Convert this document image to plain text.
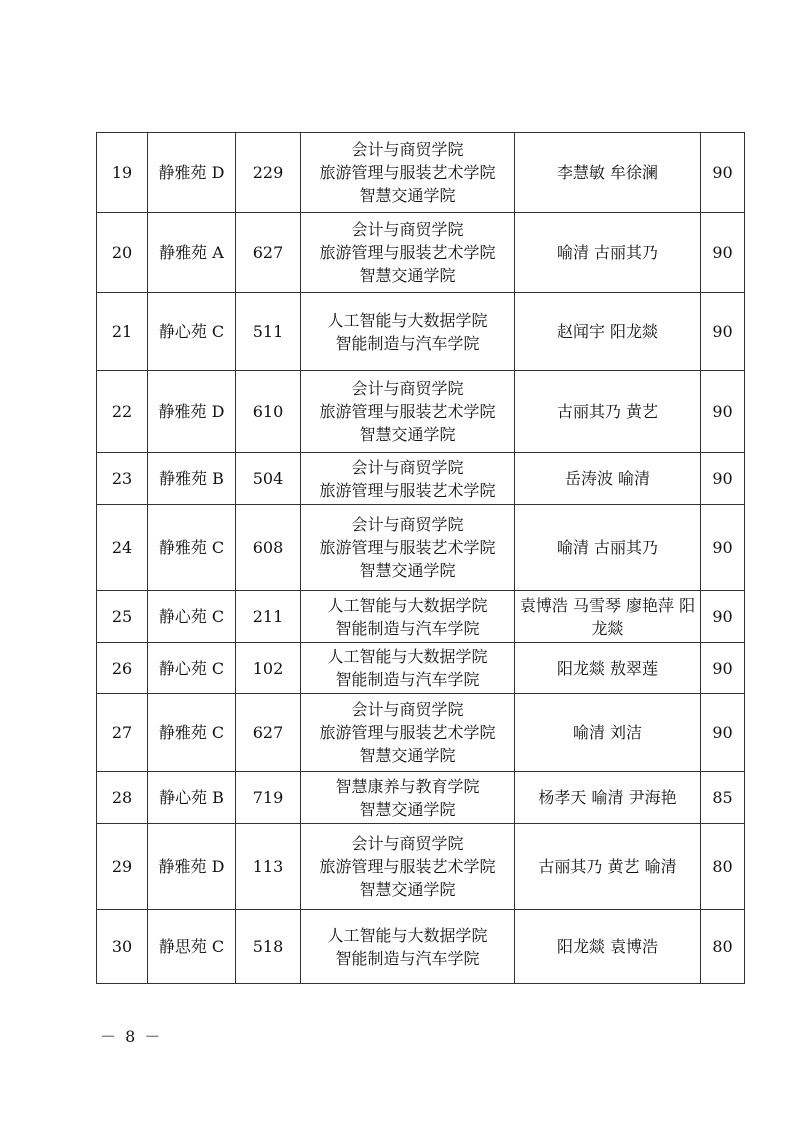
19	静雅苑 D	229	会计与商贸学院
旅游管理与服装艺术学院
智慧交通学院	李慧敏 牟徐澜	90
20	静雅苑 A	627	会计与商贸学院
旅游管理与服装艺术学院
智慧交通学院	喻清 古丽其乃	90
21	静心苑 C	511	人工智能与大数据学院
智能制造与汽车学院	赵闻宇 阳龙燚	90
22	静雅苑 D	610	会计与商贸学院
旅游管理与服装艺术学院
智慧交通学院	古丽其乃 黄艺	90
23	静雅苑 B	504	会计与商贸学院
旅游管理与服装艺术学院	岳涛波 喻清	90
24	静雅苑 C	608	会计与商贸学院
旅游管理与服装艺术学院
智慧交通学院	喻清 古丽其乃	90
25	静心苑 C	211	人工智能与大数据学院
智能制造与汽车学院	袁博浩 马雪琴 廖艳萍 阳龙燚	90
26	静心苑 C	102	人工智能与大数据学院
智能制造与汽车学院	阳龙燚 敖翠莲	90
27	静雅苑 C	627	会计与商贸学院
旅游管理与服装艺术学院
智慧交通学院	喻清 刘洁	90
28	静心苑 B	719	智慧康养与教育学院
智慧交通学院	杨孝天 喻清 尹海艳	85
29	静雅苑 D	113	会计与商贸学院
旅游管理与服装艺术学院
智慧交通学院	古丽其乃 黄艺 喻清	80
30	静思苑 C	518	人工智能与大数据学院
智能制造与汽车学院	阳龙燚 袁博浩	80
－ 8 －
